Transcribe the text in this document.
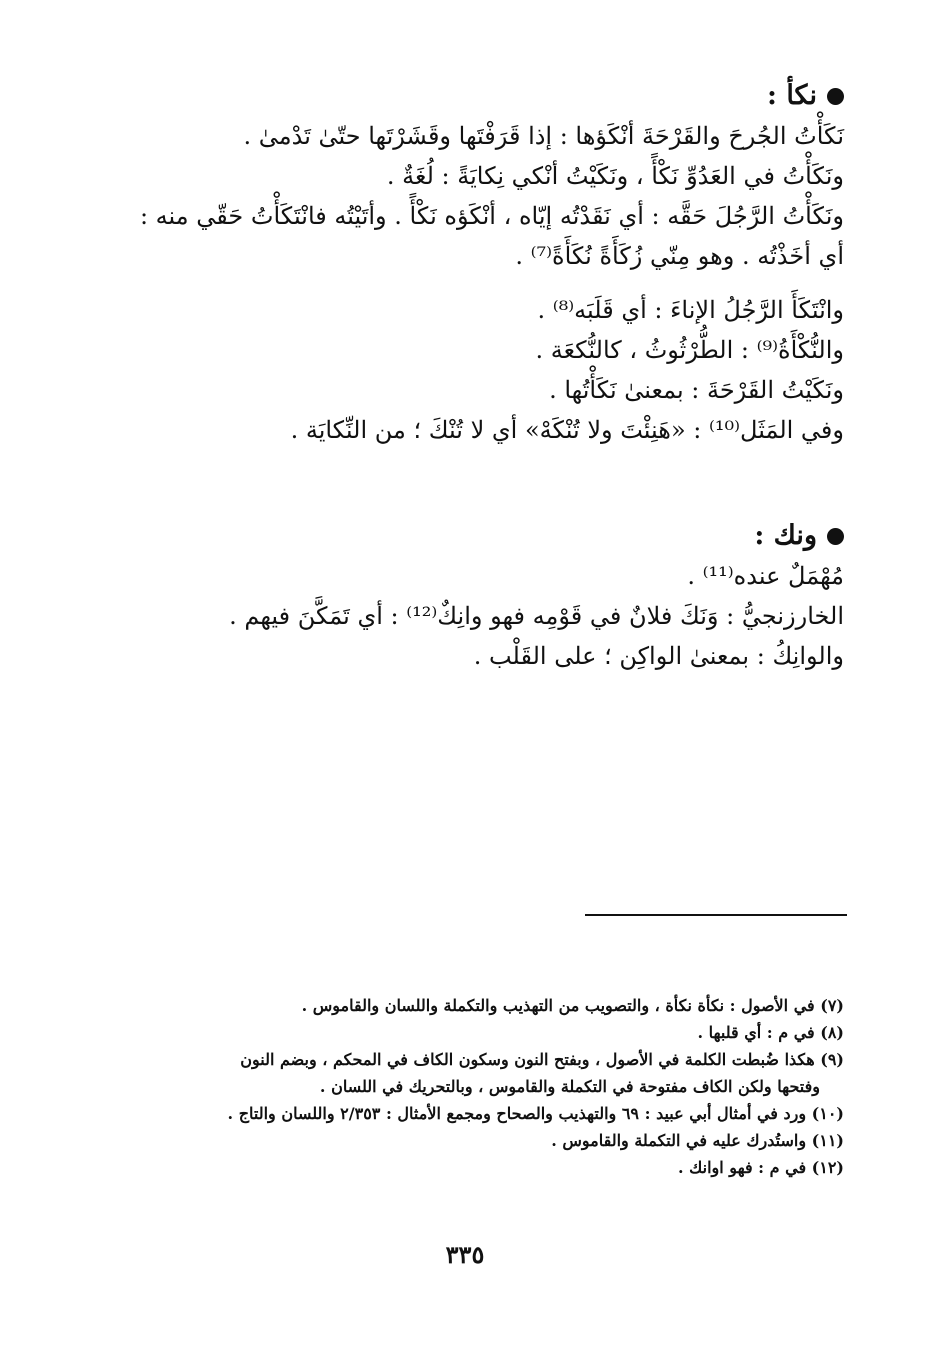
نكأ :
نَكَأْتُ الجُرحَ والقَرْحَةَ أنْكَؤها : إذا قَرَفْتَها وقَشَرْتَها حتّىٰ تَدْمىٰ .
ونَكَأْتُ في العَدُوِّ نَكْأً ، ونَكَيْتُ أنْكي نِكايَةً : لُغَةٌ .
ونَكَأْتُ الرَّجُلَ حَقَّه : أي نَقَدْتُه إيّاه ، أنْكَؤه نَكْأً . وأتَيْتُه فانْتَكَأْتُ حَقّي منه :
أي أخَذْتُه . وهو مِنّي زُكَأَةً نُكَأَةً⁽⁷⁾ .
وانْتَكَأَ الرَّجُلُ الإناءَ : أي قَلَبَه⁽⁸⁾ .
والنُّكْأَةُ⁽⁹⁾ : الطُّرْثُوثُ ، كالنُّكعَة .
ونَكَيْتُ القَرْحَةَ : بمعنىٰ نَكَأْتُها .
وفي المَثَل⁽¹⁰⁾ : «هَنِئْتَ ولا تُنْكَهْ» أي لا تُنْكَ ؛ من النِّكايَة .
ونك :
مُهْمَلٌ عنده⁽¹¹⁾ .
الخارزنجيُّ : وَنَكَ فلانٌ في قَوْمِه فهو وانِكٌ⁽¹²⁾ : أي تَمَكَّنَ فيهم .
والوانِكُ : بمعنىٰ الواكِن ؛ على القَلْب .
(٧) في الأصول : نكأة نكأة ، والتصويب من التهذيب والتكملة واللسان والقاموس .
(٨) في م : أي قلبها .
(٩) هكذا ضُبطت الكلمة في الأصول ، وبفتح النون وسكون الكاف في المحكم ، وبضم النون
وفتحها ولكن الكاف مفتوحة في التكملة والقاموس ، وبالتحريك في اللسان .
(١٠) ورد في أمثال أبي عبيد : ٦٩ والتهذيب والصحاح ومجمع الأمثال : ٢/٣٥٣ واللسان والتاج .
(١١) واستُدرك عليه في التكملة والقاموس .
(١٢) في م : فهو اوانك .
٣٣٥
